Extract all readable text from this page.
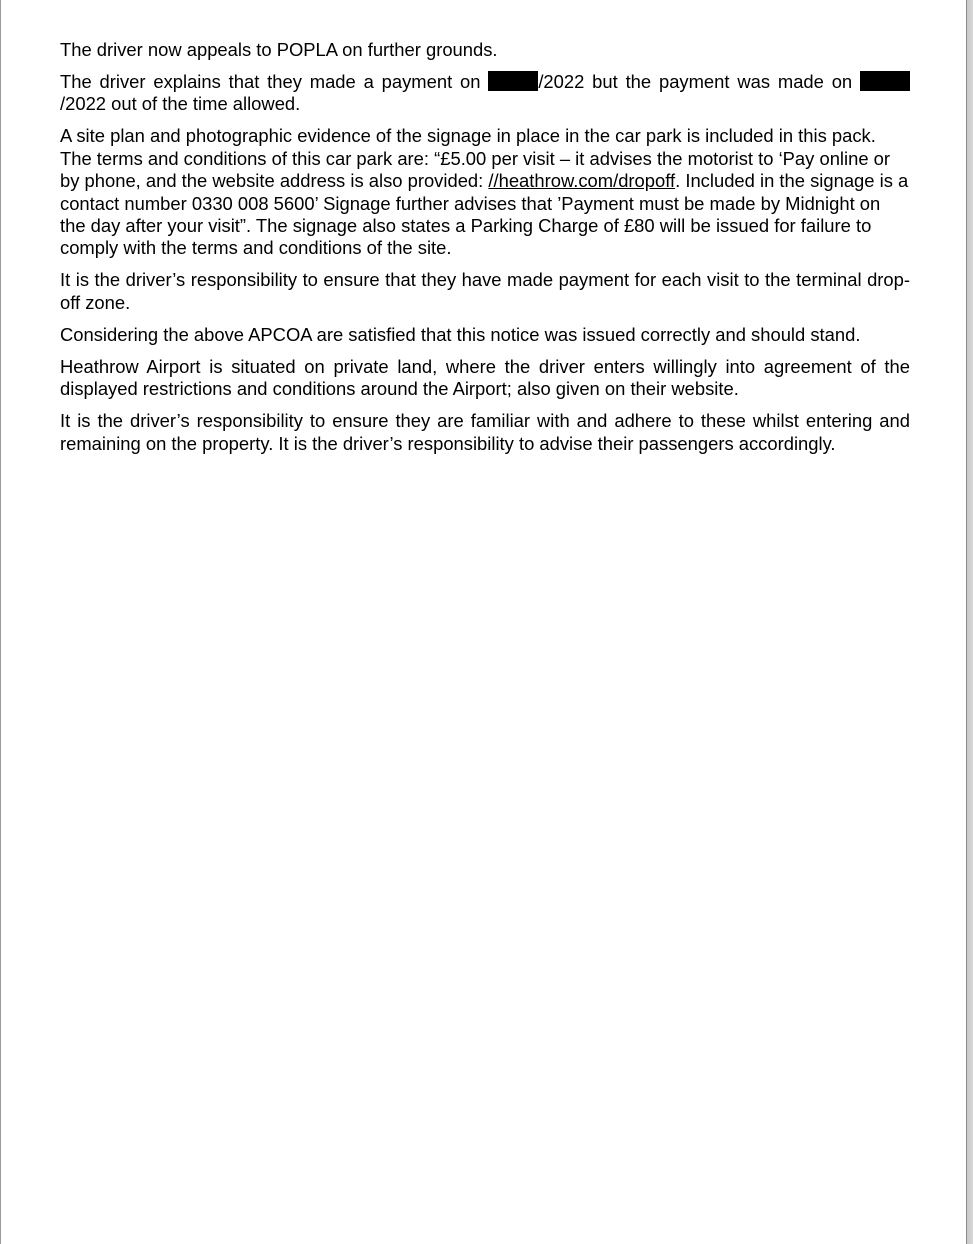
The driver now appeals to POPLA on further grounds.

The driver explains that they made a payment on	/2022 but the payment was made on /2022 out of the time allowed.

A site plan and photographic evidence of the signage in place in the car park is included in this pack. The terms and conditions of this car park are: “£5.00 per visit – it advises the motorist to ‘Pay online or by phone, and the website address is also provided: //heathrow.com/dropoff. Included in the signage is a contact number 0330 008 5600’ Signage further advises that ’Payment must be made by Midnight on the day after your visit”. The signage also states a Parking Charge of £80 will be issued for failure to comply with the terms and conditions of the site.

It is the driver’s responsibility to ensure that they have made payment for each visit to the terminal drop-off zone.

Considering the above APCOA are satisfied that this notice was issued correctly and should stand.

Heathrow Airport is situated on private land, where the driver enters willingly into agreement of the displayed restrictions and conditions around the Airport; also given on their website.

It is the driver’s responsibility to ensure they are familiar with and adhere to these whilst entering and remaining on the property. It is the driver’s responsibility to advise their passengers accordingly.
